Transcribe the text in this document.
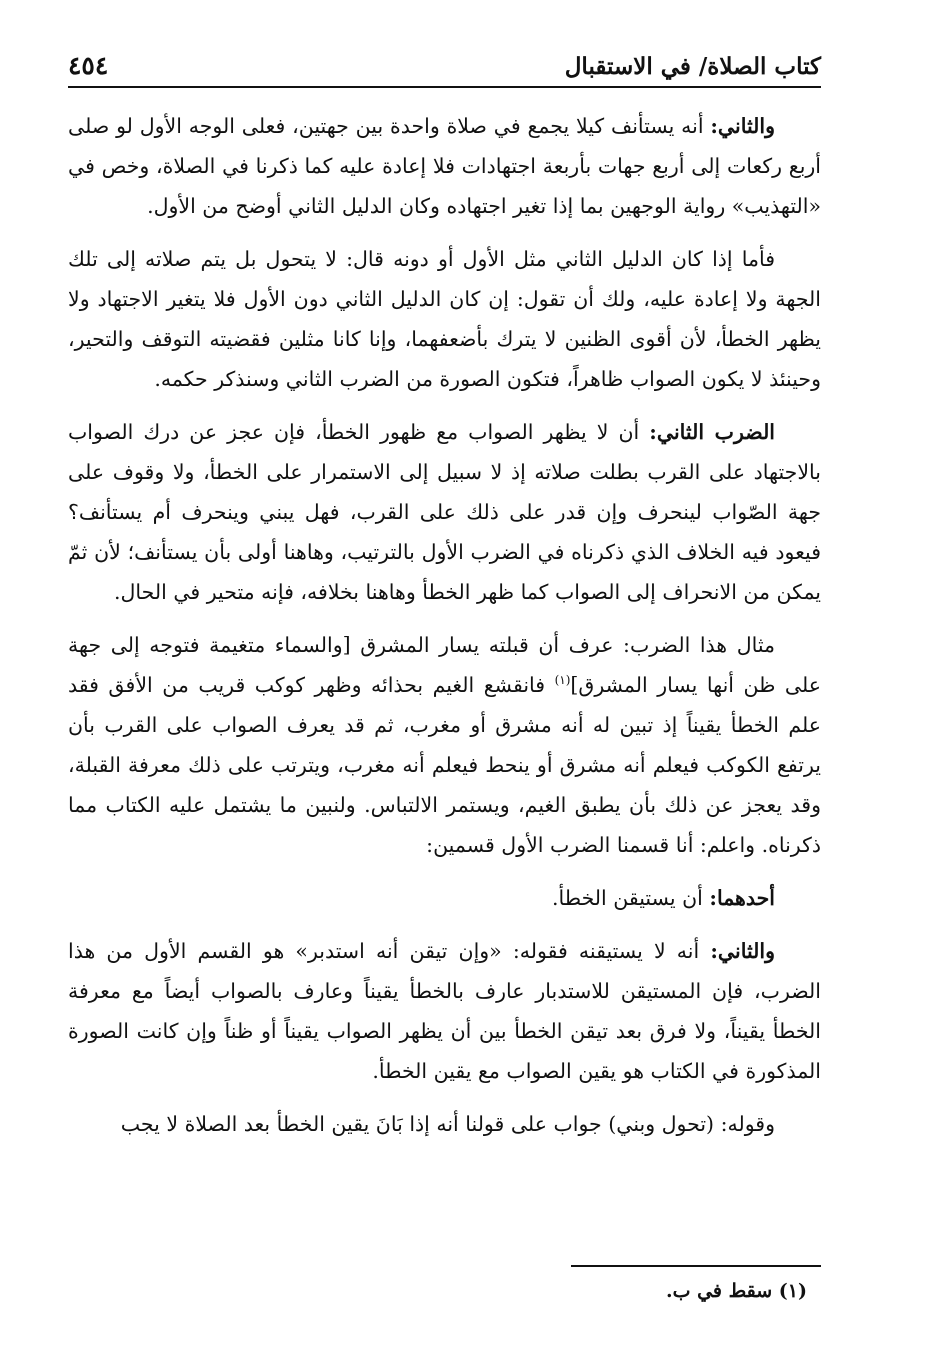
كتاب الصلاة/ في الاستقبال
٤٥٤

والثاني: أنه يستأنف كيلا يجمع في صلاة واحدة بين جهتين، فعلى الوجه الأول لو صلى أربع ركعات إلى أربع جهات بأربعة اجتهادات فلا إعادة عليه كما ذكرنا في الصلاة، وخص في «التهذيب» رواية الوجهين بما إذا تغير اجتهاده وكان الدليل الثاني أوضح من الأول.

فأما إذا كان الدليل الثاني مثل الأول أو دونه قال: لا يتحول بل يتم صلاته إلى تلك الجهة ولا إعادة عليه، ولك أن تقول: إن كان الدليل الثاني دون الأول فلا يتغير الاجتهاد ولا يظهر الخطأ، لأن أقوى الظنين لا يترك بأضعفهما، وإنا كانا مثلين فقضيته التوقف والتحير، وحينئذ لا يكون الصواب ظاهراً، فتكون الصورة من الضرب الثاني وسنذكر حكمه.

الضرب الثاني: أن لا يظهر الصواب مع ظهور الخطأ، فإن عجز عن درك الصواب بالاجتهاد على القرب بطلت صلاته إذ لا سبيل إلى الاستمرار على الخطأ، ولا وقوف على جهة الصّواب لينحرف وإن قدر على ذلك على القرب، فهل يبني وينحرف أم يستأنف؟ فيعود فيه الخلاف الذي ذكرناه في الضرب الأول بالترتيب، وهاهنا أولى بأن يستأنف؛ لأن ثمّ يمكن من الانحراف إلى الصواب كما ظهر الخطأ وهاهنا بخلافه، فإنه متحير في الحال.

مثال هذا الضرب: عرف أن قبلته يسار المشرق [والسماء متغيمة فتوجه إلى جهة على ظن أنها يسار المشرق]$^{(١)}$ فانقشع الغيم بحذائه وظهر كوكب قريب من الأفق فقد علم الخطأ يقيناً إذ تبين له أنه مشرق أو مغرب، ثم قد يعرف الصواب على القرب بأن يرتفع الكوكب فيعلم أنه مشرق أو ينحط فيعلم أنه مغرب، ويترتب على ذلك معرفة القبلة، وقد يعجز عن ذلك بأن يطبق الغيم، ويستمر الالتباس. ولنبين ما يشتمل عليه الكتاب مما ذكرناه. واعلم: أنا قسمنا الضرب الأول قسمين:

أحدهما: أن يستيقن الخطأ.

والثاني: أنه لا يستيقنه فقوله: «وإن تيقن أنه استدبر» هو القسم الأول من هذا الضرب، فإن المستيقن للاستدبار عارف بالخطأ يقيناً وعارف بالصواب أيضاً مع معرفة الخطأ يقيناً، ولا فرق بعد تيقن الخطأ بين أن يظهر الصواب يقيناً أو ظناً وإن كانت الصورة المذكورة في الكتاب هو يقين الصواب مع يقين الخطأ.

وقوله: (تحول وبني) جواب على قولنا أنه إذا بَانَ يقين الخطأ بعد الصلاة لا يجب

(١) سقط في ب.
